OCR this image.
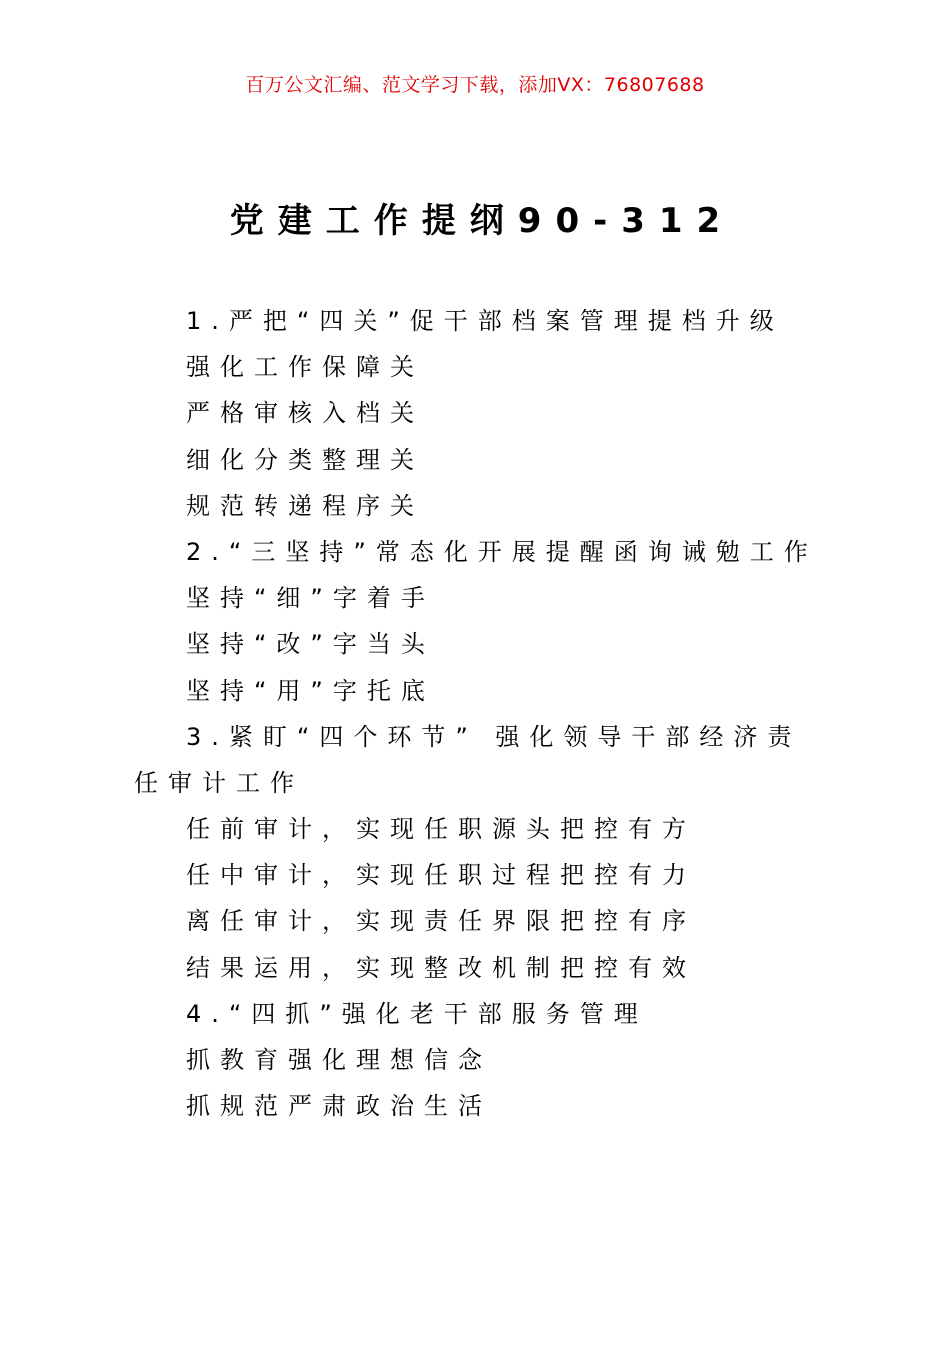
百万公文汇编、范文学习下载，添加VX：76807688
党建工作提纲90-312
1.严把“四关”促干部档案管理提档升级
强化工作保障关
严格审核入档关
细化分类整理关
规范转递程序关
2.“三坚持”常态化开展提醒函询诫勉工作
坚持“细”字着手
坚持“改”字当头
坚持“用”字托底
3.紧盯“四个环节” 强化领导干部经济责任审计工作
任前审计，实现任职源头把控有方
任中审计，实现任职过程把控有力
离任审计，实现责任界限把控有序
结果运用，实现整改机制把控有效
4.“四抓”强化老干部服务管理
抓教育强化理想信念
抓规范严肃政治生活
